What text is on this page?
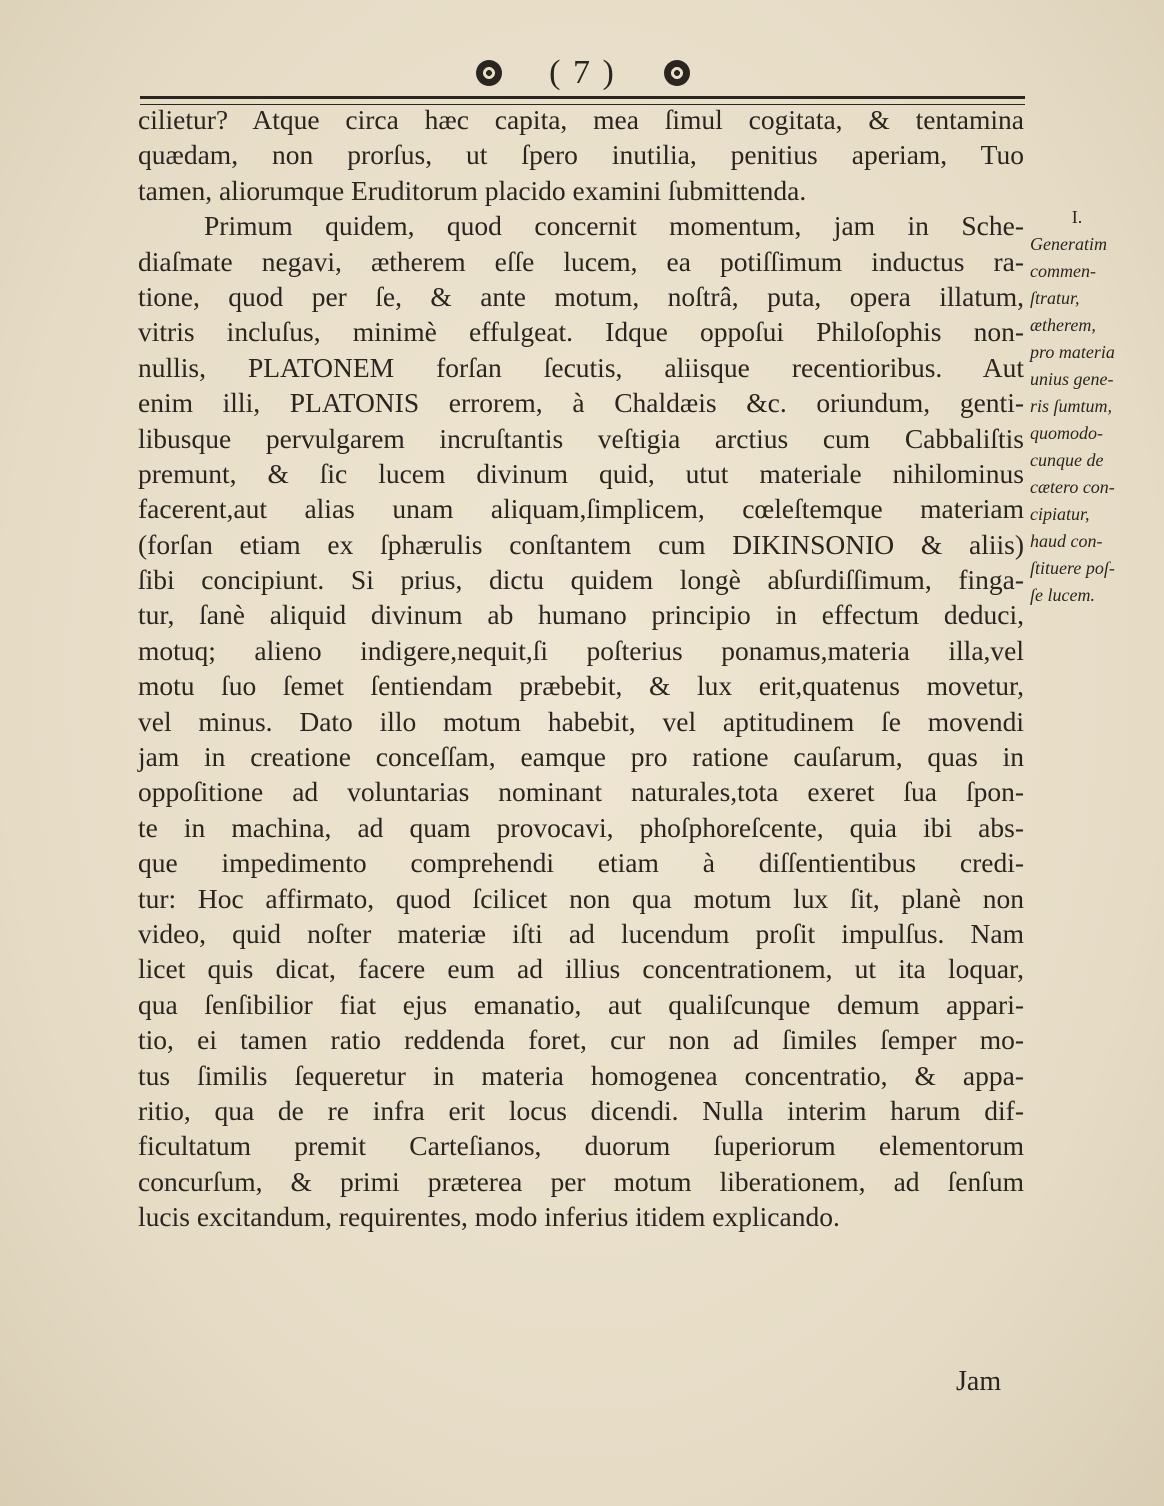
( 7 )
cilietur? Atque circa hæc capita, mea ſimul cogitata, & tentamina
quædam, non prorſus, ut ſpero inutilia, penitius aperiam, Tuo
tamen, aliorumque Eruditorum placido examini ſubmittenda.
Primum quidem, quod concernit momentum, jam in Sche-
diaſmate negavi, ætherem eſſe lucem, ea potiſſimum inductus ra-
tione, quod per ſe, & ante motum, noſtrâ, puta, opera illatum,
vitris incluſus, minimè effulgeat. Idque oppoſui Philoſophis non-
nullis, PLATONEM forſan ſecutis, aliisque recentioribus. Aut
enim illi, PLATONIS errorem, à Chaldæis &c. oriundum, genti-
libusque pervulgarem incruſtantis veſtigia arctius cum Cabbaliſtis
premunt, & ſic lucem divinum quid, utut materiale nihilominus
facerent,aut alias unam aliquam,ſimplicem, cœleſtemque materiam
(forſan etiam ex ſphærulis conſtantem cum DIKINSONIO & aliis)
ſibi concipiunt. Si prius, dictu quidem longè abſurdiſſimum, finga-
tur, ſanè aliquid divinum ab humano principio in effectum deduci,
motuq; alieno indigere,nequit,ſi poſterius ponamus,materia illa,vel
motu ſuo ſemet ſentiendam præbebit, & lux erit,quatenus movetur,
vel minus. Dato illo motum habebit, vel aptitudinem ſe movendi
jam in creatione conceſſam, eamque pro ratione cauſarum, quas in
oppoſitione ad voluntarias nominant naturales,tota exeret ſua ſpon-
te in machina, ad quam provocavi, phoſphoreſcente, quia ibi abs-
que impedimento comprehendi etiam à diſſentientibus credi-
tur: Hoc affirmato, quod ſcilicet non qua motum lux ſit, planè non
video, quid noſter materiæ iſti ad lucendum proſit impulſus. Nam
licet quis dicat, facere eum ad illius concentrationem, ut ita loquar,
qua ſenſibilior fiat ejus emanatio, aut qualiſcunque demum appari-
tio, ei tamen ratio reddenda foret, cur non ad ſimiles ſemper mo-
tus ſimilis ſequeretur in materia homogenea concentratio, & appa-
ritio, qua de re infra erit locus dicendi. Nulla interim harum dif-
ficultatum premit Carteſianos, duorum ſuperiorum elementorum
concurſum, & primi præterea per motum liberationem, ad ſenſum
lucis excitandum, requirentes, modo inferius itidem explicando.
I.
Generatim
commen-
ſtratur,
ætherem,
pro materia
unius gene-
ris ſumtum,
quomodo-
cunque de
cætero con-
cipiatur,
haud con-
ſtituere poſ-
ſe lucem.
Jam
